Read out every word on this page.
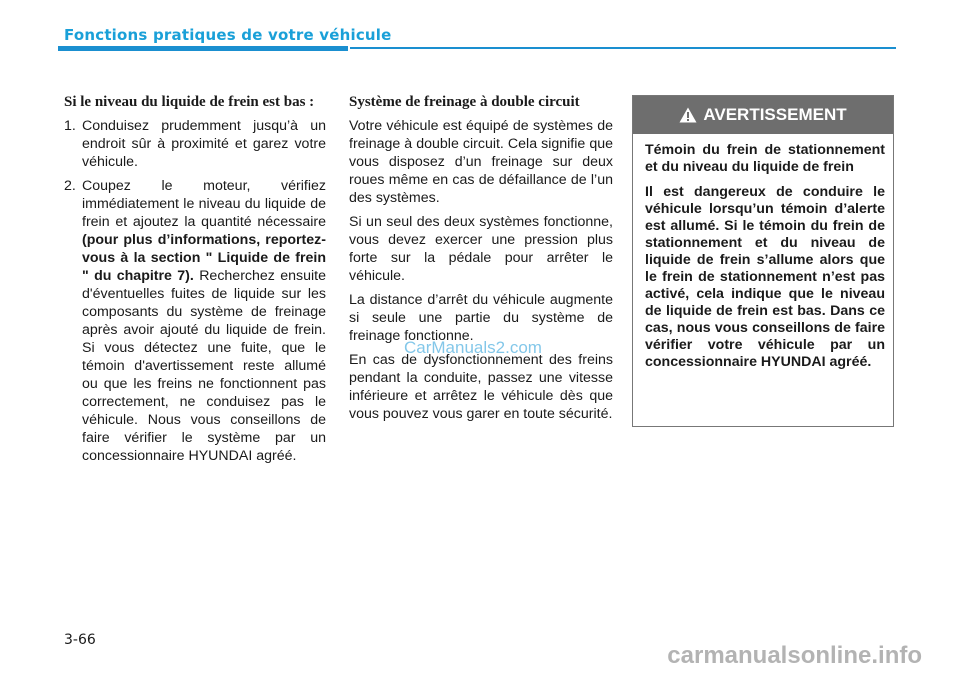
Fonctions pratiques de votre véhicule
Si le niveau du liquide de frein est bas :
1. Conduisez prudemment jusqu’à un endroit sûr à proximité et garez votre véhicule.
2. Coupez le moteur, vérifiez immédiatement le niveau du liquide de frein et ajoutez la quantité nécessaire (pour plus d’informations, reportez-vous à la section " Liquide de frein " du chapitre 7). Recherchez ensuite d'éventuelles fuites de liquide sur les composants du système de freinage après avoir ajouté du liquide de frein. Si vous détectez une fuite, que le témoin d'avertissement reste allumé ou que les freins ne fonctionnent pas correctement, ne conduisez pas le véhicule. Nous vous conseillons de faire vérifier le système par un concessionnaire HYUNDAI agréé.
Système de freinage à double circuit

Votre véhicule est équipé de systèmes de freinage à double circuit. Cela signifie que vous disposez d’un freinage sur deux roues même en cas de défaillance de l’un des systèmes.

Si un seul des deux systèmes fonctionne, vous devez exercer une pression plus forte sur la pédale pour arrêter le véhicule.

La distance d’arrêt du véhicule augmente si seule une partie du système de freinage fonctionne.

En cas de dysfonctionnement des freins pendant la conduite, passez une vitesse inférieure et arrêtez le véhicule dès que vous pouvez vous garer en toute sécurité.

AVERTISSEMENT

Témoin du frein de stationnement et du niveau du liquide de frein

Il est dangereux de conduire le véhicule lorsqu’un témoin d’alerte est allumé. Si le témoin du frein de stationnement et du niveau de liquide de frein s’allume alors que le frein de stationnement n’est pas activé, cela indique que le niveau de liquide de frein est bas. Dans ce cas, nous vous conseillons de faire vérifier votre véhicule par un concessionnaire HYUNDAI agréé.

CarManuals2.com
3-66
carmanualsonline.info
